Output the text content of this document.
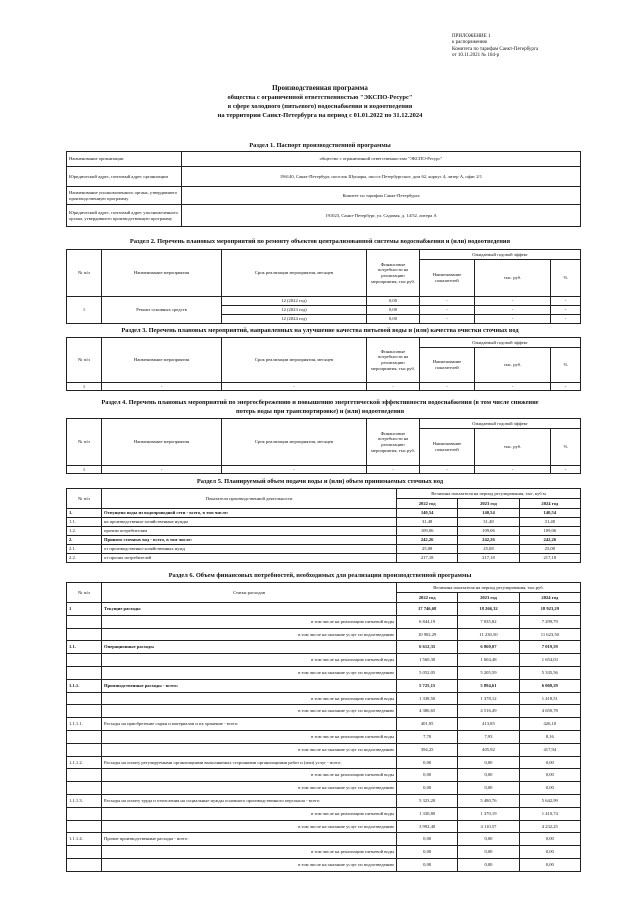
ПРИЛОЖЕНИЕ 1
к распоряжению
Комитета по тарифам Санкт-Петербурга
от 10.11.2021 № 184-р
Производственная программа
общества с ограниченной ответственностью "ЭКСПО-Ресурс"
в сфере холодного (питьевого) водоснабжения и водоотведения
на территории Санкт-Петербурга на период с 01.01.2022 по 31.12.2024
Раздел 1. Паспорт производственной программы
Наименование организации	общество с ограниченной ответственностью "ЭКСПО-Ресурс"
Юридический адрес, почтовый адрес организации	196140, Санкт-Петербург, поселок Шушары, шоссе Петербургское, дом 62, корпус 4, литер А, офис 2/1
Наименование уполномоченного органа, утвердившего производственную программу	Комитет по тарифам Санкт-Петербурга
Юридический адрес, почтовый адрес уполномоченного органа, утвердившего производственную программу	191023, Санкт-Петербург, ул. Садовая, д. 14/52, литера А
Раздел 2. Перечень плановых мероприятий по ремонту объектов централизованной системы водоснабжения и (или) водоотведения
№ п/п	Наименование мероприятия	Срок реализации мероприятия, месяцев	Финансовые потребности на реализацию мероприятия, тыс.руб.	Ожидаемый годовой эффект		
				Наименование показателей	тыс. руб.	%
1	Ремонт основных средств	12 (2022 год)	0,00	-	-	-
		12 (2023 год)	0,00	-	-	-
		12 (2024 год)	0,00	-	-	-
Раздел 3. Перечень плановых мероприятий, направленных на улучшение качества питьевой воды и (или) качества очистки сточных вод
№ п/п	Наименование мероприятия	Срок реализации мероприятия, месяцев	Финансовые потребности на реализацию мероприятия, тыс.руб.	Ожидаемый годовой эффект		
				Наименование показателей	тыс. руб.	%
1	-	-	-	-	-	-
Раздел 4. Перечень плановых мероприятий по энергосбережению и повышению энергетической эффективности водоснабжения (в том числе снижение
потерь воды при транспортировке) и (или) водоотведения
№ п/п	Наименование мероприятия	Срок реализации мероприятия, месяцев	Финансовые потребности на реализацию мероприятия, тыс.руб.	Ожидаемый годовой эффект		
				Наименование показателей	тыс. руб.	%
1	-	-	-	-	-	-
Раздел 5. Планируемый объем подачи воды и (или) объем принимаемых сточных вод
№ п/п	Показатели производственной деятельности	Величина показателя на период регулирования, тыс. куб.м		
		2022 год	2023 год	2024 год
1.	Отпущено воды из водопроводной сети - всего, в том числе:	140,54	140,54	140,54
1.1.	на производственно-хозяйственные нужды	31,48	31,48	31,48
1.2.	прочим потребителям	109,06	109,06	109,06
2.	Принято сточных вод - всего, в том числе:	242,26	242,26	242,26
2.1.	от производственно-хозяйственных нужд	25,08	25,08	25,08
2.2.	от прочих потребителей	217,18	217,18	217,18
Раздел 6. Объем финансовых потребностей, необходимых для реализации производственной программы
№ п/п	Статьи расходов	Величина показателя на период регулирования, тыс.руб.		
		2022 год	2023 год	2024 год
1	Текущие расходы	17 746,68	18 266,32	18 923,29
	в том числе на реализацию питьевой воды	6 844,19	7 035,82	7 299,79
	в том числе на оказание услуг по водоотведению	10 902,29	11 230,50	11 623,50
1.1.	Операционные расходы	6 612,35	6 860,07	7 019,59
	в том числе на реализацию питьевой воды	1 560,30	1 604,48	1 654,03
	в том числе на оказание услуг по водоотведению	5 052,05	5 205,59	5 335,56
1.1.1.	Производственные расходы - всего:	5 725,15	5 894,61	6 069,29
	в том числе на реализацию питьевой воды	1 338,50	1 378,12	1 418,51
	в том числе на оказание услуг по водоотведению	4 386,65	4 516,49	4 650,78
1.1.1.1.	Расходы на приобретение сырья и материалов и их хранение - всего:	401,95	413,85	426,10
	в том числе на реализацию питьевой воды	7,70	7,93	8,16
	в том числе на оказание услуг по водоотведению	394,25	405,92	417,94
1.1.1.2.	Расходы на оплату регулируемыми организациями выполняемых сторонними организациями работ и (или) услуг - всего:	0,00	0,00	0,00
	в том числе на реализацию питьевой воды	0,00	0,00	0,00
	в том числе на оказание услуг по водоотведению	0,00	0,00	0,00
1.1.1.3.	Расходы на оплату труда и отчисления на социальные нужды основного производственного персонала - всего:	5 323,20	5 480,76	5 642,99
	в том числе на реализацию питьевой воды	1 330,80	1 370,19	1 410,74
	в том числе на оказание услуг по водоотведению	3 992,40	4 110,57	4 232,25
1.1.1.4.	Прочие производственные расходы - всего:	0,00	0,00	0,00
	в том числе на реализацию питьевой воды	0,00	0,00	0,00
	в том числе на оказание услуг по водоотведению	0,00	0,00	0,00
